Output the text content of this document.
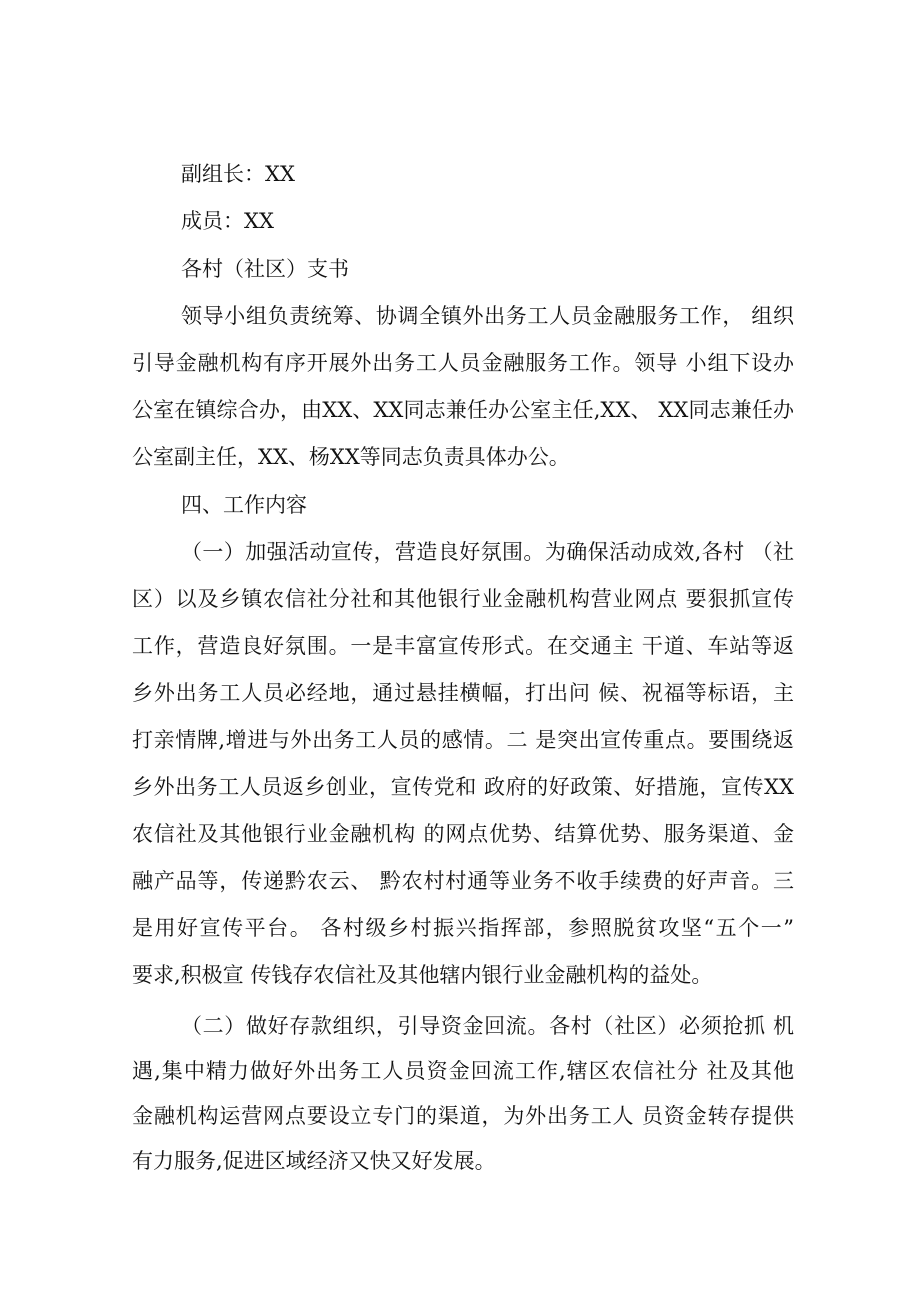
副组长：XX
成员：XX
各村（社区）支书
领导小组负责统筹、协调全镇外出务工人员金融服务工作， 组织
引导金融机构有序开展外出务工人员金融服务工作。领导 小组下设办
公室在镇综合办，由XX、XX同志兼任办公室主任,XX、 XX同志兼任办
公室副主任，XX、杨XX等同志负责具体办公。
四、工作内容
（一）加强活动宣传，营造良好氛围。为确保活动成效,各村 （社
区）以及乡镇农信社分社和其他银行业金融机构营业网点 要狠抓宣传
工作，营造良好氛围。一是丰富宣传形式。在交通主 干道、车站等返
乡外出务工人员必经地，通过悬挂横幅，打出问 候、祝福等标语，主
打亲情牌,增进与外出务工人员的感情。二 是突出宣传重点。要围绕返
乡外出务工人员返乡创业，宣传党和 政府的好政策、好措施，宣传XX
农信社及其他银行业金融机构 的网点优势、结算优势、服务渠道、金
融产品等，传递黔农云、 黔农村村通等业务不收手续费的好声音。三
是用好宣传平台。 各村级乡村振兴指挥部，参照脱贫攻坚“五个一”
要求,积极宣 传钱存农信社及其他辖内银行业金融机构的益处。
（二）做好存款组织，引导资金回流。各村（社区）必须抢抓 机
遇,集中精力做好外出务工人员资金回流工作,辖区农信社分 社及其他
金融机构运营网点要设立专门的渠道，为外出务工人 员资金转存提供
有力服务,促进区域经济又快又好发展。
